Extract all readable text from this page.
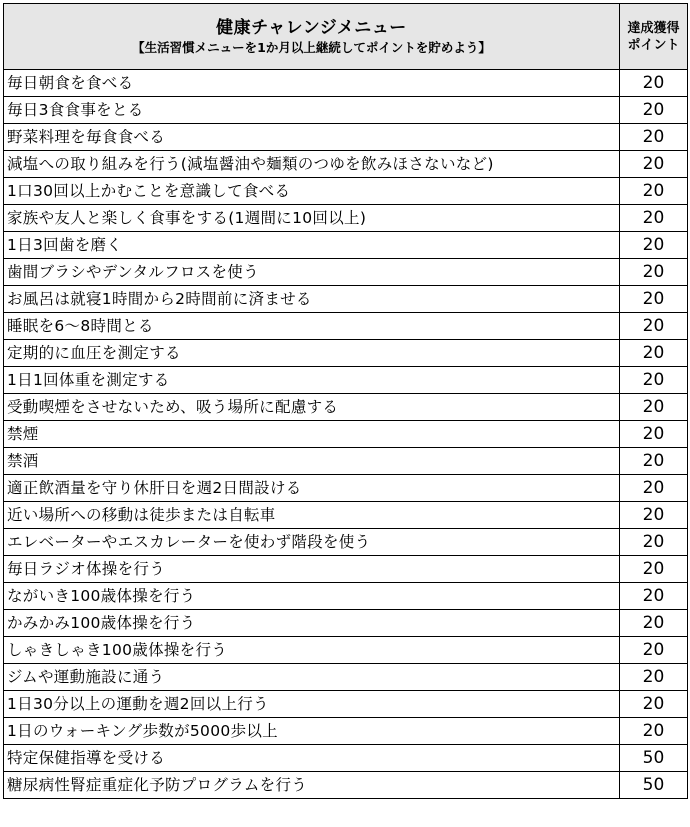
健康チャレンジメニュー
【生活習慣メニューを1か月以上継続してポイントを貯めよう】	達成獲得
ポイント

毎日朝食を食べる	20
毎日3食食事をとる	20
野菜料理を毎食食べる	20
減塩への取り組みを行う(減塩醤油や麺類のつゆを飲みほさないなど)	20
1口30回以上かむことを意識して食べる	20
家族や友人と楽しく食事をする(1週間に10回以上)	20
1日3回歯を磨く	20
歯間ブラシやデンタルフロスを使う	20
お風呂は就寝1時間から2時間前に済ませる	20
睡眠を6～8時間とる	20
定期的に血圧を測定する	20
1日1回体重を測定する	20
受動喫煙をさせないため、吸う場所に配慮する	20
禁煙	20
禁酒	20
適正飲酒量を守り休肝日を週2日間設ける	20
近い場所への移動は徒歩または自転車	20
エレベーターやエスカレーターを使わず階段を使う	20
毎日ラジオ体操を行う	20
ながいき100歳体操を行う	20
かみかみ100歳体操を行う	20
しゃきしゃき100歳体操を行う	20
ジムや運動施設に通う	20
1日30分以上の運動を週2回以上行う	20
1日のウォーキング歩数が5000歩以上	20
特定保健指導を受ける	50
糖尿病性腎症重症化予防プログラムを行う	50
